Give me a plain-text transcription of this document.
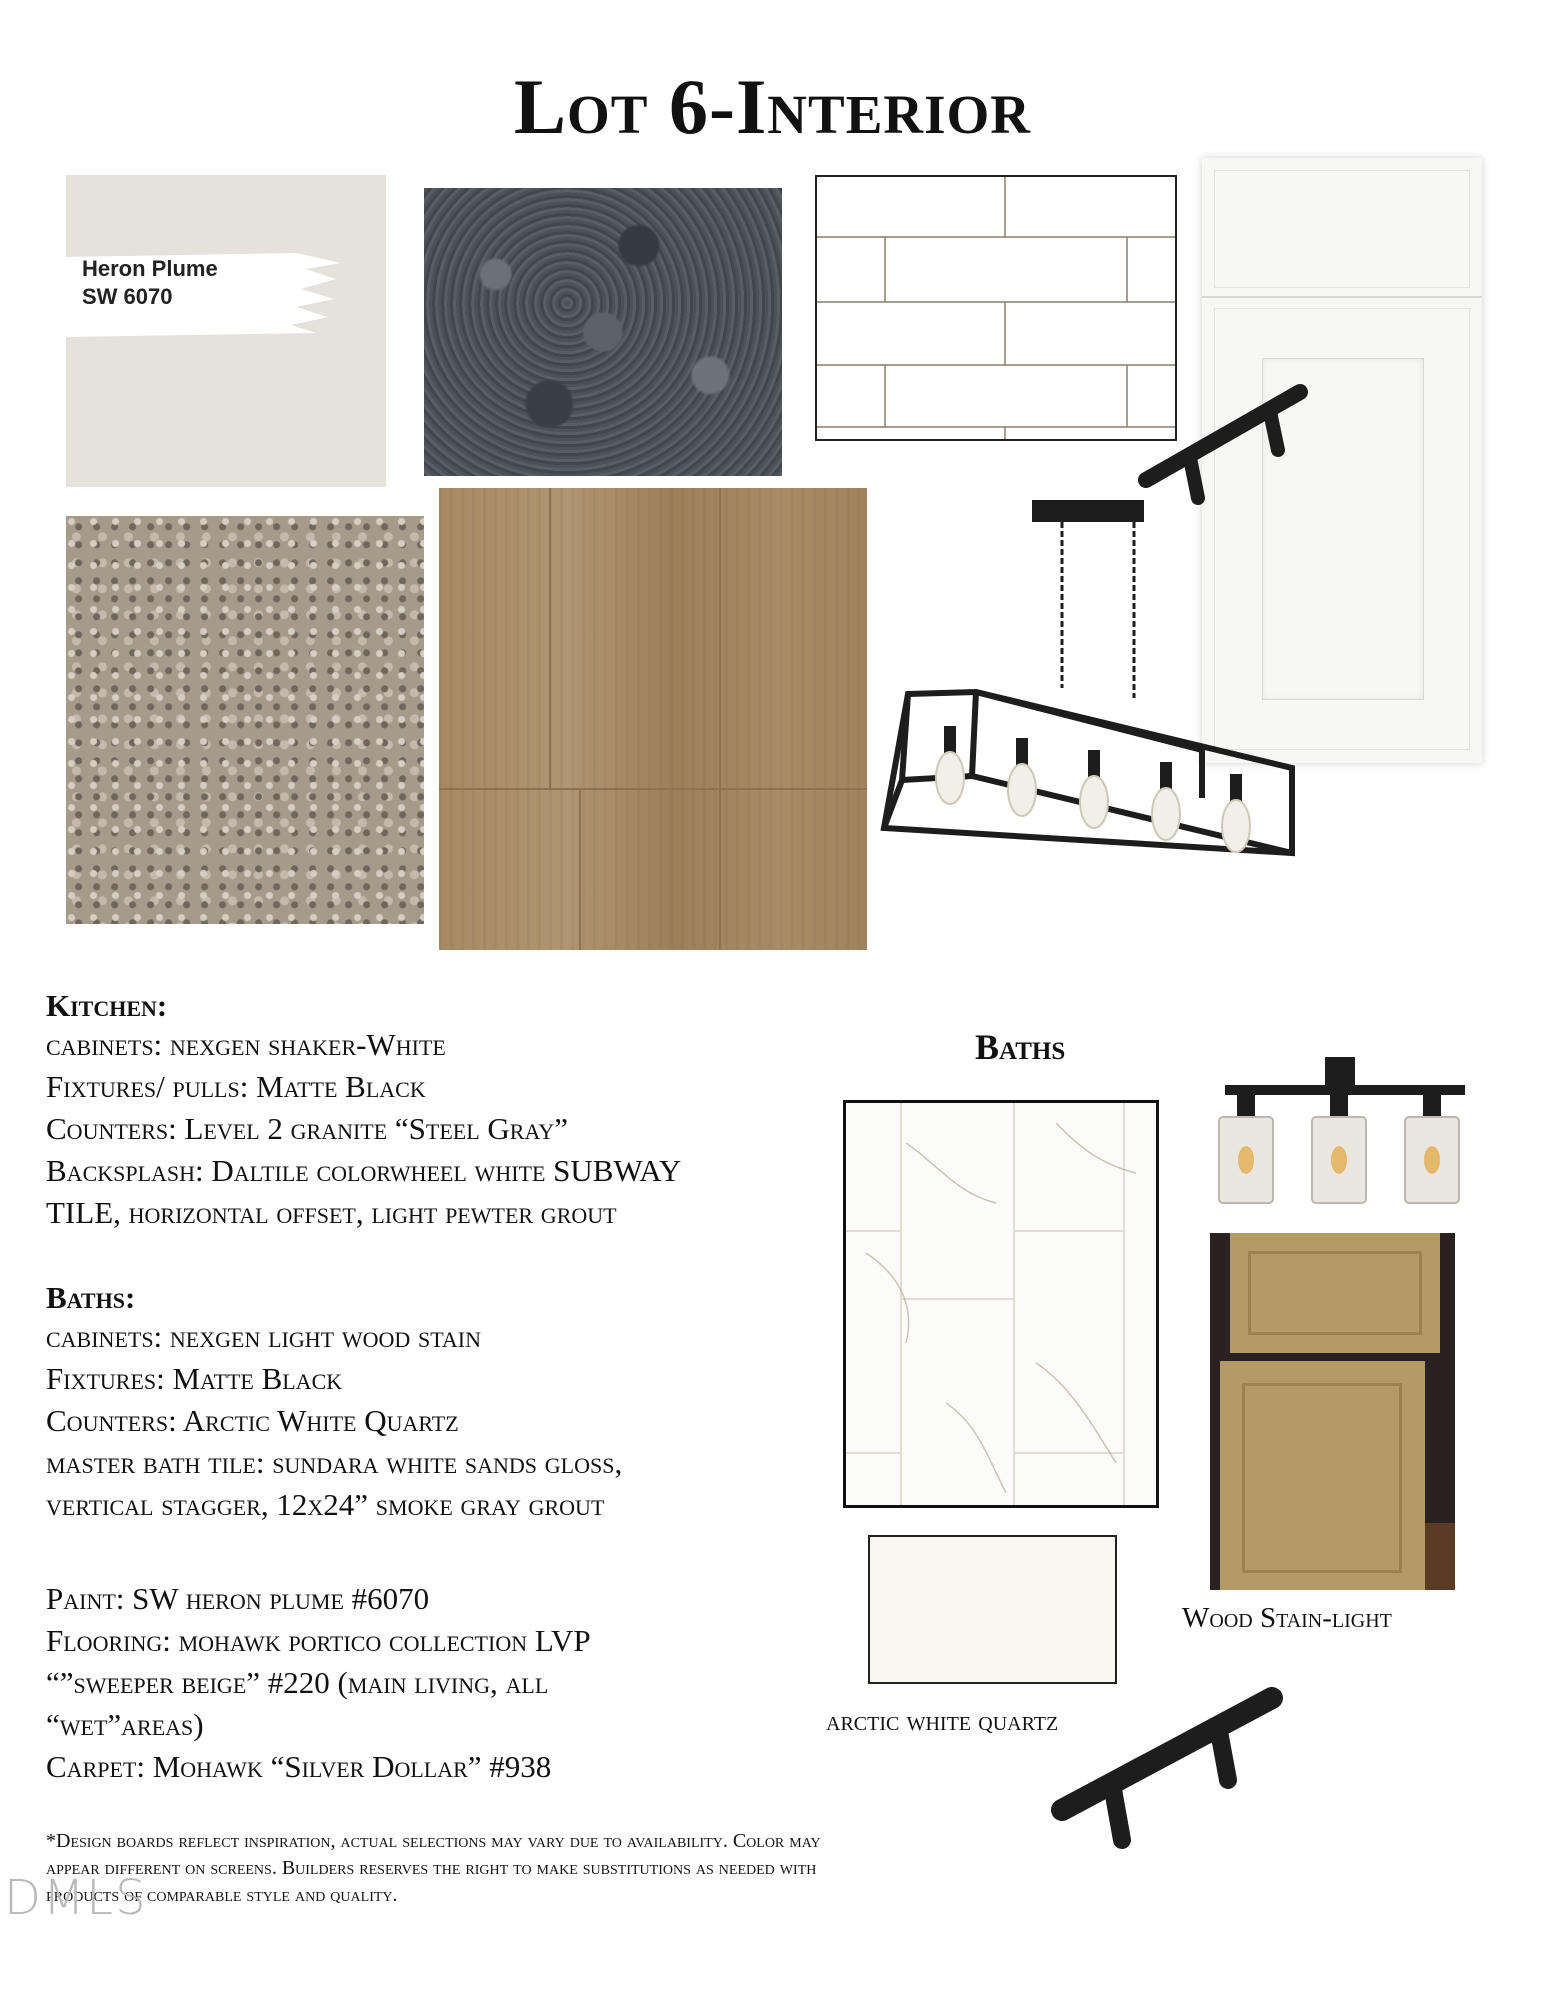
Lot 6-Interior
Heron Plume
SW 6070
Kitchen:
cabinets: nexgen shaker-White
Fixtures/ pulls: Matte Black
Counters: Level 2 granite “Steel Gray”
Backsplash: Daltile colorwheel white SUBWAY
TILE, horizontal offset, light pewter grout
Baths:
cabinets: nexgen light wood stain
Fixtures: Matte Black
Counters: Arctic White Quartz
master bath tile: sundara white sands gloss,
vertical stagger, 12x24” smoke gray grout
Paint: SW heron plume #6070
Flooring: mohawk portico collection LVP
“”sweeper beige” #220 (main living, all
“wet”areas)
Carpet: Mohawk “Silver Dollar” #938
Baths
Wood Stain-light
arctic white quartz
*Design boards reflect inspiration, actual selections may vary due to availability. Color may appear different on screens. Builders reserves the right to make substitutions as needed with products of comparable style and quality.
DMLS
